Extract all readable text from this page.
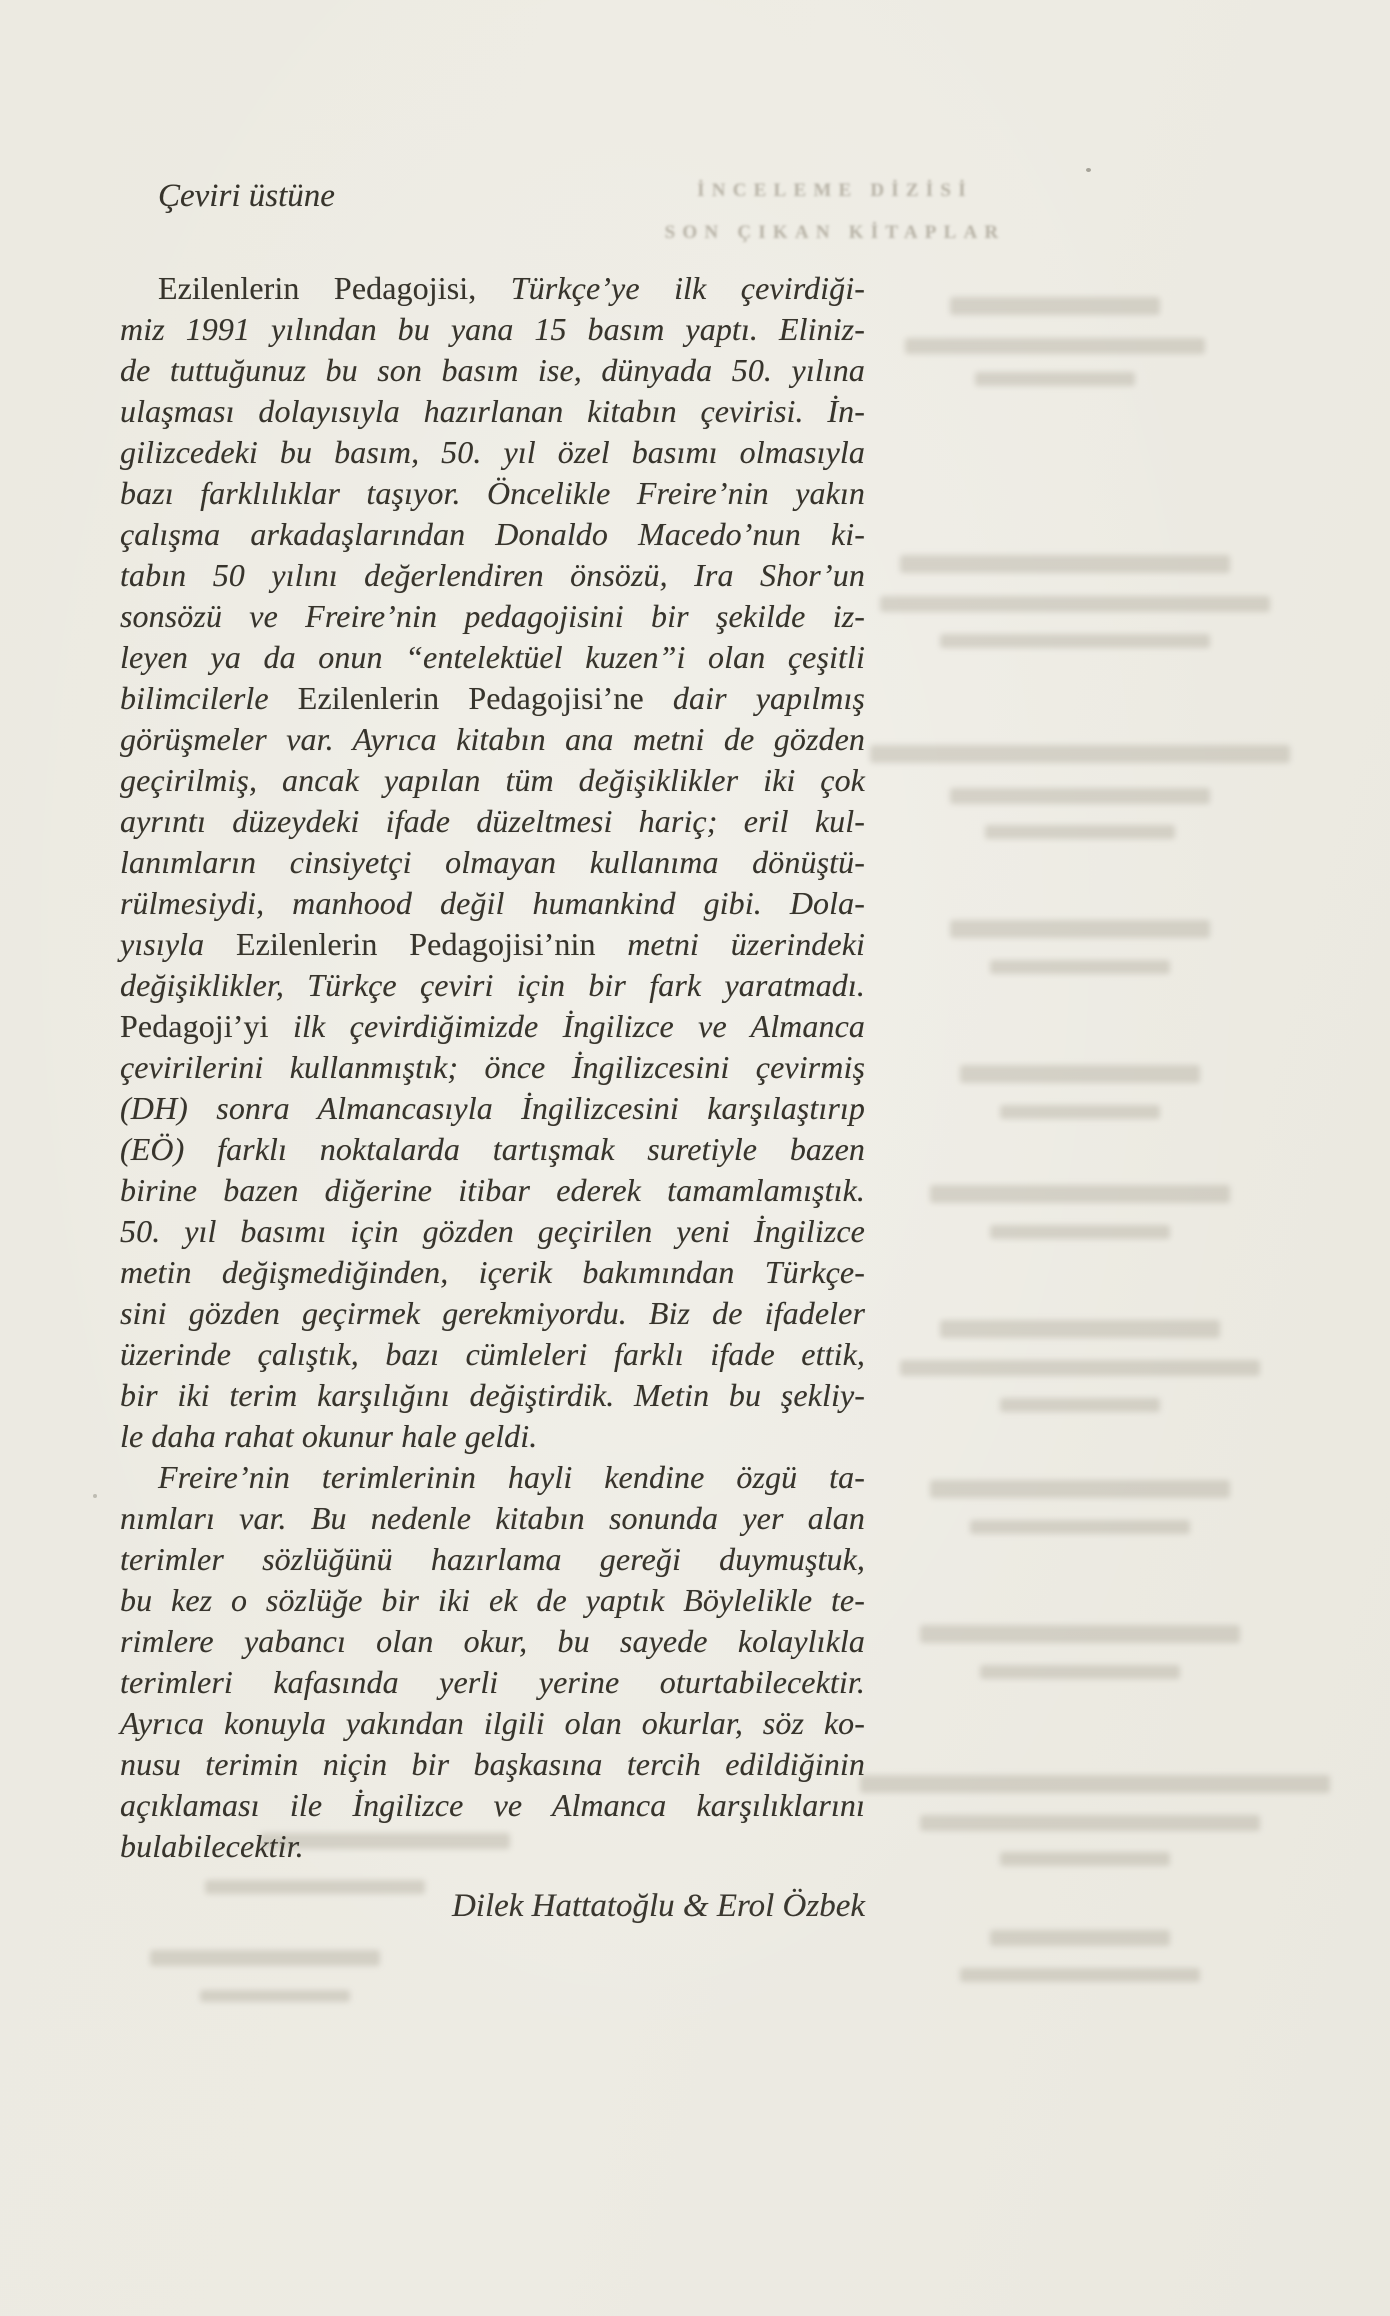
İNCELEME DİZİSİ
SON ÇIKAN KİTAPLAR
Çeviri üstüne
Ezilenlerin Pedagojisi, Türkçe’ye ilk çevirdiği-
miz 1991 yılından bu yana 15 basım yaptı. Eliniz-
de tuttuğunuz bu son basım ise, dünyada 50. yılına
ulaşması dolayısıyla hazırlanan kitabın çevirisi. İn-
gilizcedeki bu basım, 50. yıl özel basımı olmasıyla
bazı farklılıklar taşıyor. Öncelikle Freire’nin yakın
çalışma arkadaşlarından Donaldo Macedo’nun ki-
tabın 50 yılını değerlendiren önsözü, Ira Shor’un
sonsözü ve Freire’nin pedagojisini bir şekilde iz-
leyen ya da onun “entelektüel kuzen”i olan çeşitli
bilimcilerle Ezilenlerin Pedagojisi’ne dair yapılmış
görüşmeler var. Ayrıca kitabın ana metni de gözden
geçirilmiş, ancak yapılan tüm değişiklikler iki çok
ayrıntı düzeydeki ifade düzeltmesi hariç; eril kul-
lanımların cinsiyetçi olmayan kullanıma dönüştü-
rülmesiydi, manhood değil humankind gibi. Dola-
yısıyla Ezilenlerin Pedagojisi’nin metni üzerindeki
değişiklikler, Türkçe çeviri için bir fark yaratmadı.
Pedagoji’yi ilk çevirdiğimizde İngilizce ve Almanca
çevirilerini kullanmıştık; önce İngilizcesini çevirmiş
(DH) sonra Almancasıyla İngilizcesini karşılaştırıp
(EÖ) farklı noktalarda tartışmak suretiyle bazen
birine bazen diğerine itibar ederek tamamlamıştık.
50. yıl basımı için gözden geçirilen yeni İngilizce
metin değişmediğinden, içerik bakımından Türkçe-
sini gözden geçirmek gerekmiyordu. Biz de ifadeler
üzerinde çalıştık, bazı cümleleri farklı ifade ettik,
bir iki terim karşılığını değiştirdik. Metin bu şekliy-
le daha rahat okunur hale geldi.
Freire’nin terimlerinin hayli kendine özgü ta-
nımları var. Bu nedenle kitabın sonunda yer alan
terimler sözlüğünü hazırlama gereği duymuştuk,
bu kez o sözlüğe bir iki ek de yaptık Böylelikle te-
rimlere yabancı olan okur, bu sayede kolaylıkla
terimleri kafasında yerli yerine oturtabilecektir.
Ayrıca konuyla yakından ilgili olan okurlar, söz ko-
nusu terimin niçin bir başkasına tercih edildiğinin
açıklaması ile İngilizce ve Almanca karşılıklarını
bulabilecektir.
Dilek Hattatoğlu & Erol Özbek
